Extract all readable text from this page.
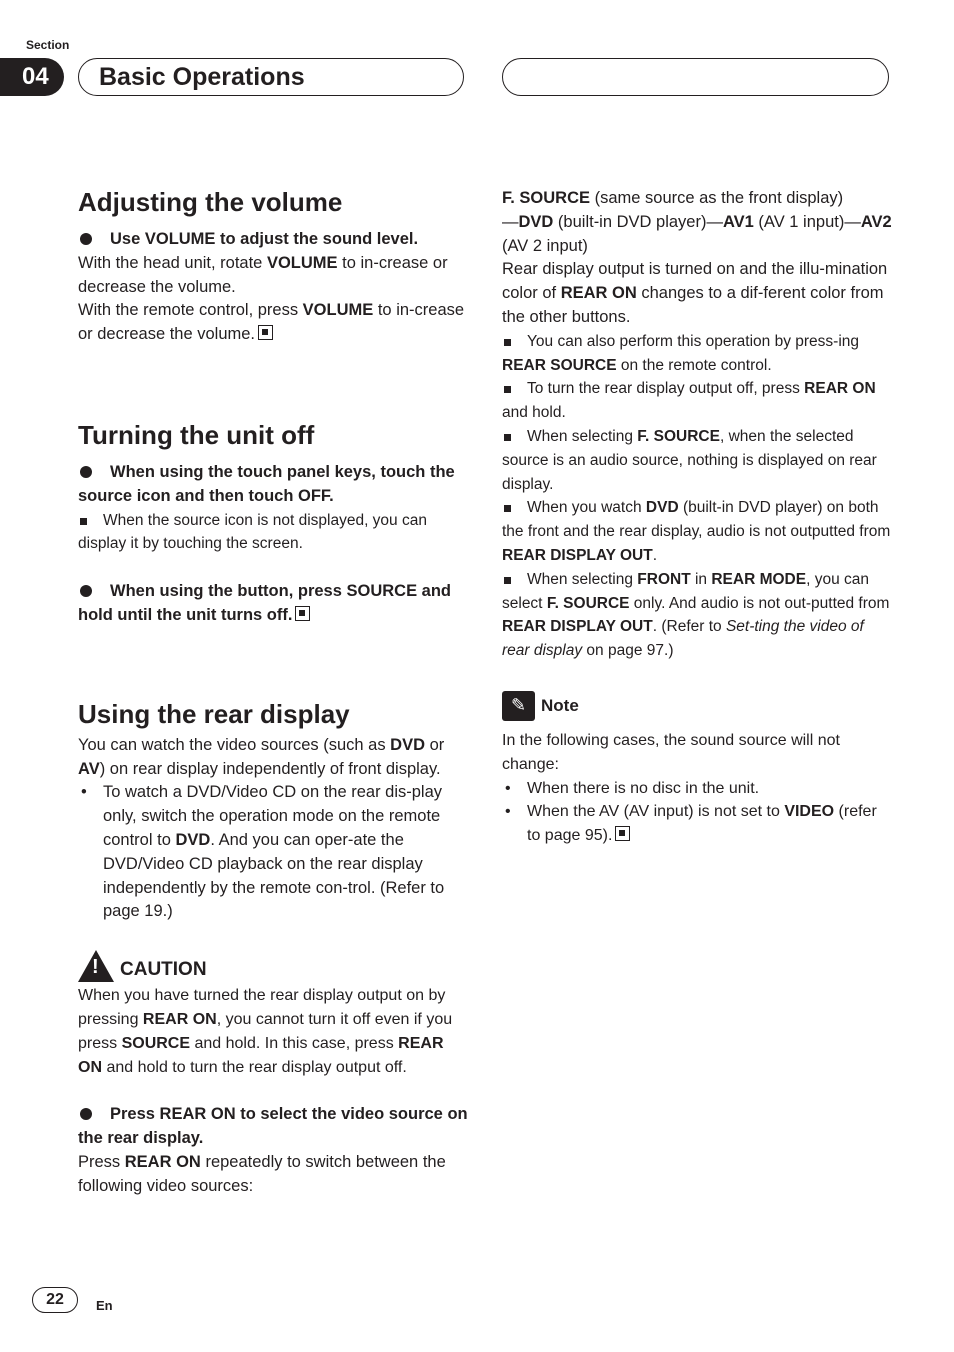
Section
04	Basic Operations
Adjusting the volume

Use VOLUME to adjust the sound level.

With the head unit, rotate VOLUME to in-crease or decrease the volume.

With the remote control, press VOLUME to in-crease or decrease the volume.

Turning the unit off

When using the touch panel keys, touch the source icon and then touch OFF.

When the source icon is not displayed, you can display it by touching the screen.

When using the button, press SOURCE and hold until the unit turns off.

Using the rear display

You can watch the video sources (such as DVD or AV) on rear display independently of front display.

• To watch a DVD/Video CD on the rear dis-play only, switch the operation mode on the remote control to DVD. And you can oper-ate the DVD/Video CD playback on the rear display independently by the remote con-trol. (Refer to page 19.)

! CAUTION

When you have turned the rear display output on by pressing REAR ON, you cannot turn it off even if you press SOURCE and hold. In this case, press REAR ON and hold to turn the rear display output off.

Press REAR ON to select the video source on the rear display.

Press REAR ON repeatedly to switch between the following video sources:

F. SOURCE (same source as the front display)
—DVD (built-in DVD player)—AV1 (AV 1 input)—AV2 (AV 2 input)

Rear display output is turned on and the illu-mination color of REAR ON changes to a dif-ferent color from the other buttons.

You can also perform this operation by press-ing REAR SOURCE on the remote control.

To turn the rear display output off, press REAR ON and hold.

When selecting F. SOURCE, when the selected source is an audio source, nothing is displayed on rear display.

When you watch DVD (built-in DVD player) on both the front and the rear display, audio is not outputted from REAR DISPLAY OUT.

When selecting FRONT in REAR MODE, you can select F. SOURCE only. And audio is not out-putted from REAR DISPLAY OUT. (Refer to Set-ting the video of rear display on page 97.)

✎ Note

In the following cases, the sound source will not change:

• When there is no disc in the unit.

• When the AV (AV input) is not set to VIDEO (refer to page 95).

22	En
